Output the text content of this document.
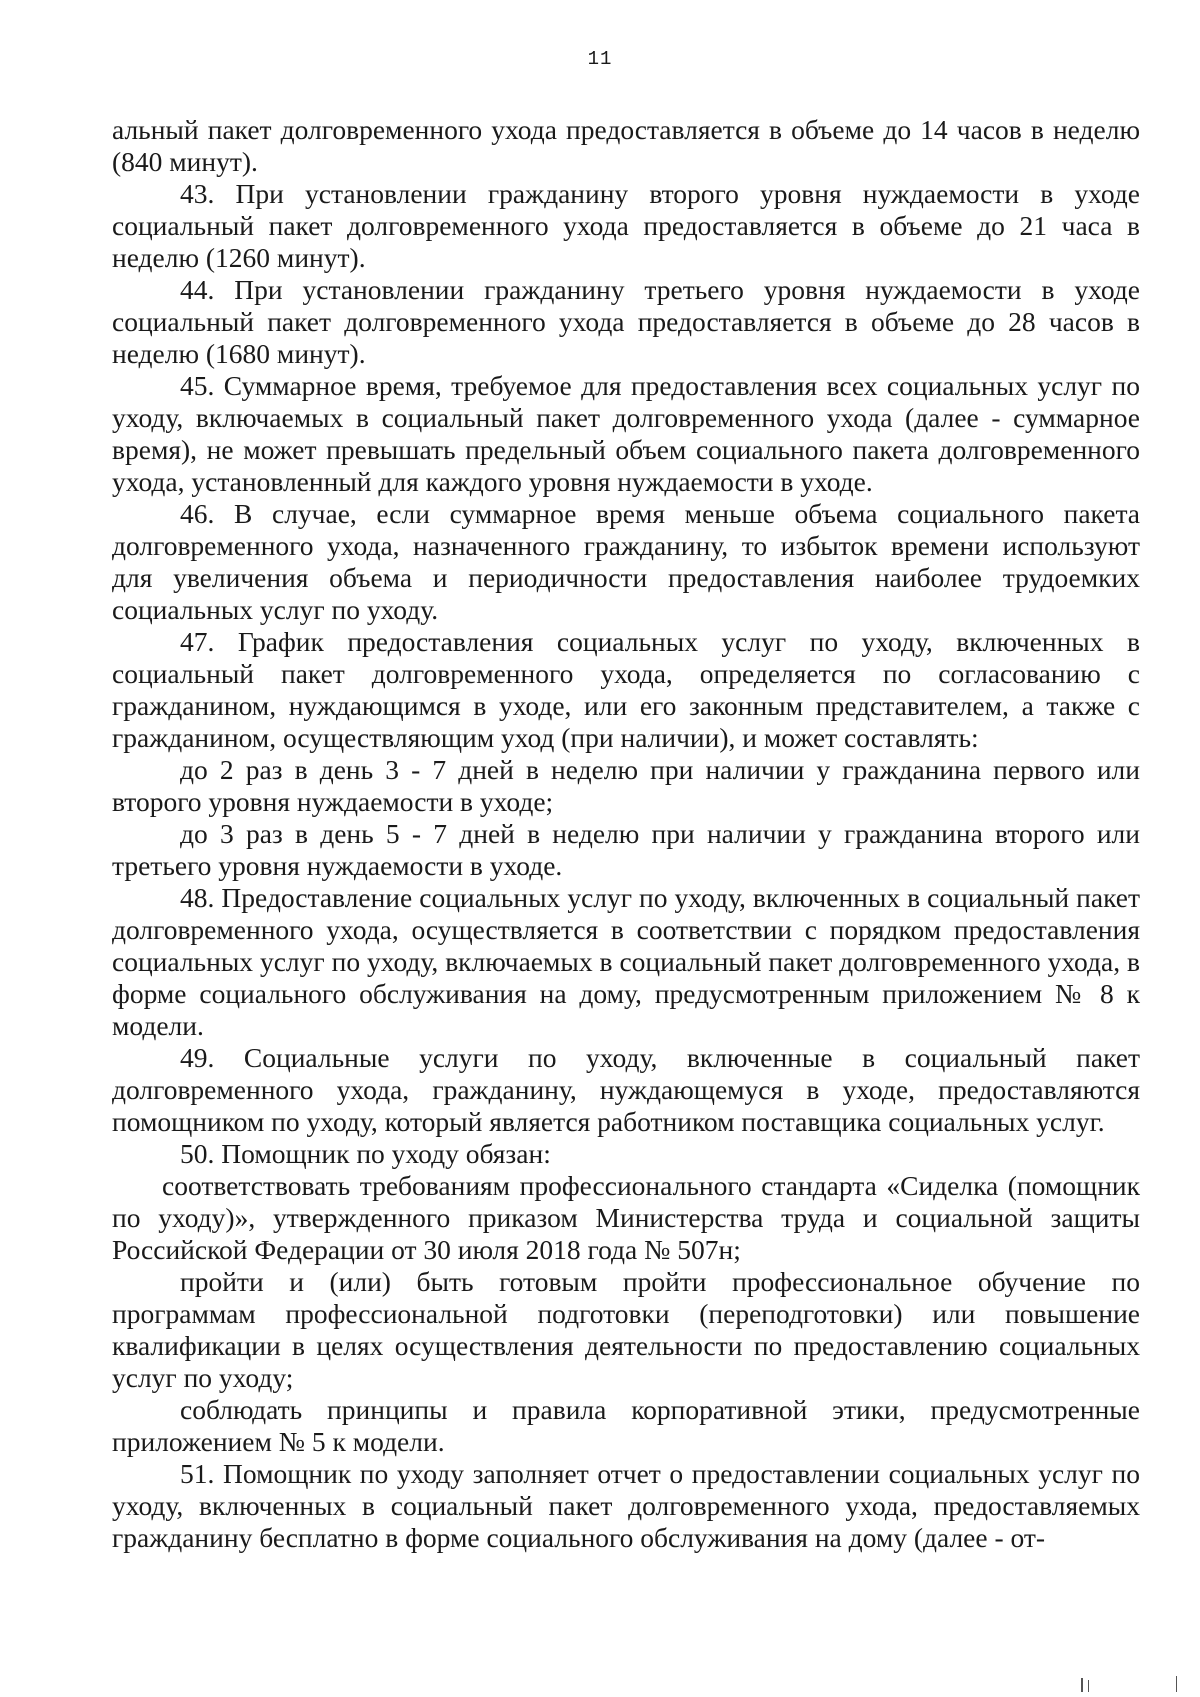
11

альный пакет долговременного ухода предоставляется в объеме до 14 часов в неделю (840 минут).

43. При установлении гражданину второго уровня нуждаемости в уходе социальный пакет долговременного ухода предоставляется в объеме до 21 часа в неделю (1260 минут).

44. При установлении гражданину третьего уровня нуждаемости в уходе социальный пакет долговременного ухода предоставляется в объеме до 28 часов в неделю (1680 минут).

45. Суммарное время, требуемое для предоставления всех социальных услуг по уходу, включаемых в социальный пакет долговременного ухода (далее - суммарное время), не может превышать предельный объем социального пакета долговременного ухода, установленный для каждого уровня нуждаемости в уходе.

46. В случае, если суммарное время меньше объема социального пакета долговременного ухода, назначенного гражданину, то избыток времени используют для увеличения объема и периодичности предоставления наиболее трудоемких социальных услуг по уходу.

47. График предоставления социальных услуг по уходу, включенных в социальный пакет долговременного ухода, определяется по согласованию с гражданином, нуждающимся в уходе, или его законным представителем, а также с гражданином, осуществляющим уход (при наличии), и может составлять:

до 2 раз в день 3 - 7 дней в неделю при наличии у гражданина первого или второго уровня нуждаемости в уходе;

до 3 раз в день 5 - 7 дней в неделю при наличии у гражданина второго или третьего уровня нуждаемости в уходе.

48. Предоставление социальных услуг по уходу, включенных в социальный пакет долговременного ухода, осуществляется в соответствии с порядком предоставления социальных услуг по уходу, включаемых в социальный пакет долговременного ухода, в форме социального обслуживания на дому, предусмотренным приложением № 8 к модели.

49. Социальные услуги по уходу, включенные в социальный пакет долговременного ухода, гражданину, нуждающемуся в уходе, предоставляются помощником по уходу, который является работником поставщика социальных услуг.

50. Помощник по уходу обязан:

соответствовать требованиям профессионального стандарта «Сиделка (помощник по уходу)», утвержденного приказом Министерства труда и социальной защиты Российской Федерации от 30 июля 2018 года № 507н;

пройти и (или) быть готовым пройти профессиональное обучение по программам профессиональной подготовки (переподготовки) или повышение квалификации в целях осуществления деятельности по предоставлению социальных услуг по уходу;

соблюдать принципы и правила корпоративной этики, предусмотренные приложением № 5 к модели.

51. Помощник по уходу заполняет отчет о предоставлении социальных услуг по уходу, включенных в социальный пакет долговременного ухода, предоставляемых гражданину бесплатно в форме социального обслуживания на дому (далее - от-
